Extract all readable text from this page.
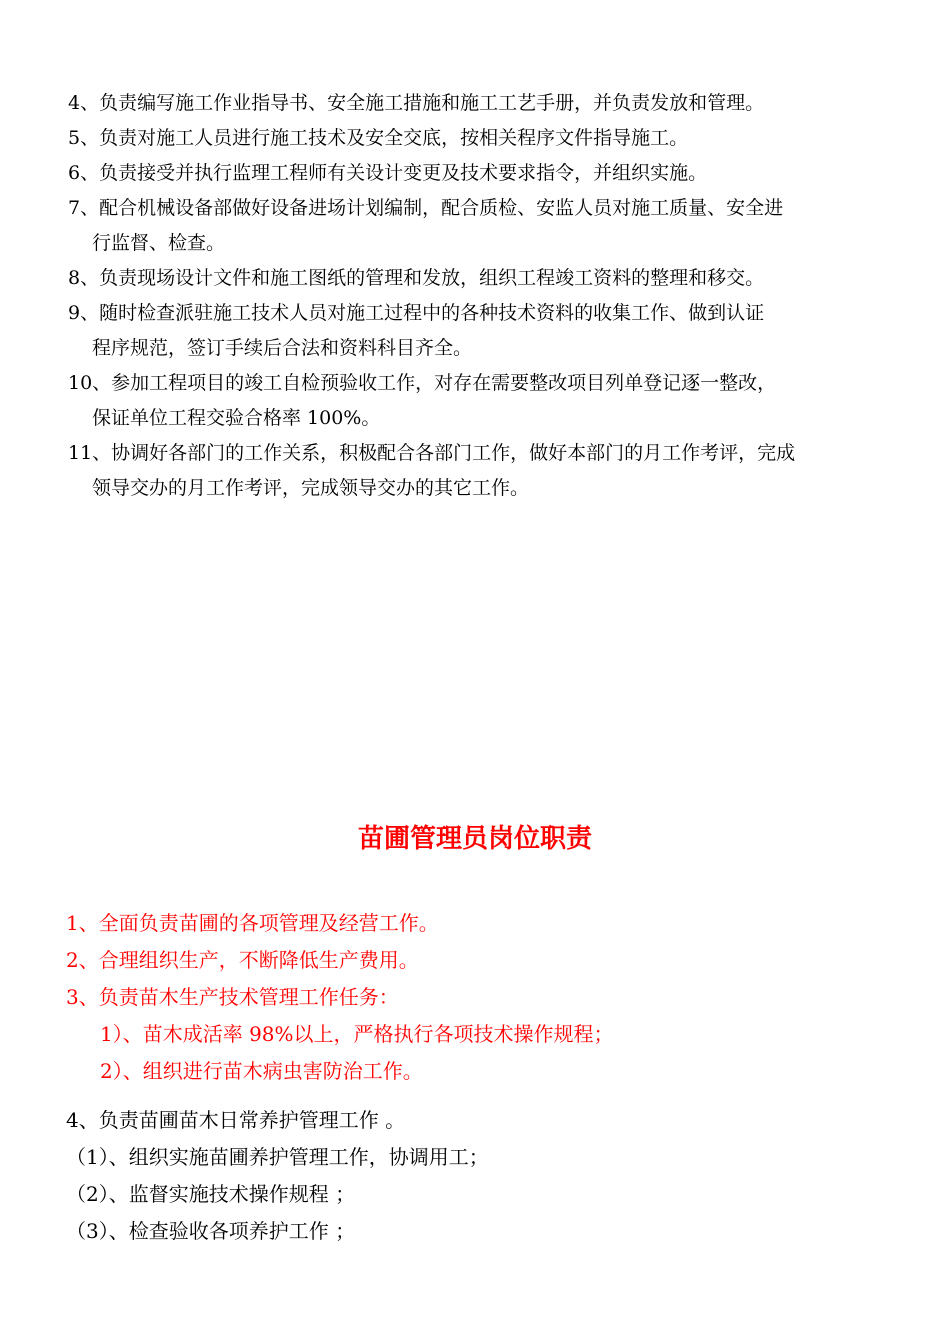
4、负责编写施工作业指导书、安全施工措施和施工工艺手册，并负责发放和管理。

5、负责对施工人员进行施工技术及安全交底，按相关程序文件指导施工。

6、负责接受并执行监理工程师有关设计变更及技术要求指令，并组织实施。

7、配合机械设备部做好设备进场计划编制，配合质检、安监人员对施工质量、安全进
行监督、检查。

8、负责现场设计文件和施工图纸的管理和发放，组织工程竣工资料的整理和移交。

9、随时检查派驻施工技术人员对施工过程中的各种技术资料的收集工作、做到认证
程序规范，签订手续后合法和资料科目齐全。

10、参加工程项目的竣工自检预验收工作，对存在需要整改项目列单登记逐一整改，
保证单位工程交验合格率 100%。

11、协调好各部门的工作关系，积极配合各部门工作，做好本部门的月工作考评，完成
领导交办的月工作考评，完成领导交办的其它工作。

苗圃管理员岗位职责

1、全面负责苗圃的各项管理及经营工作。

2、合理组织生产，不断降低生产费用。

3、负责苗木生产技术管理工作任务：

1）、苗木成活率 98%以上，严格执行各项技术操作规程；

2）、组织进行苗木病虫害防治工作。

4、负责苗圃苗木日常养护管理工作 。

（1）、组织实施苗圃养护管理工作，协调用工；

（2）、监督实施技术操作规程 ；

（3）、检查验收各项养护工作 ；
